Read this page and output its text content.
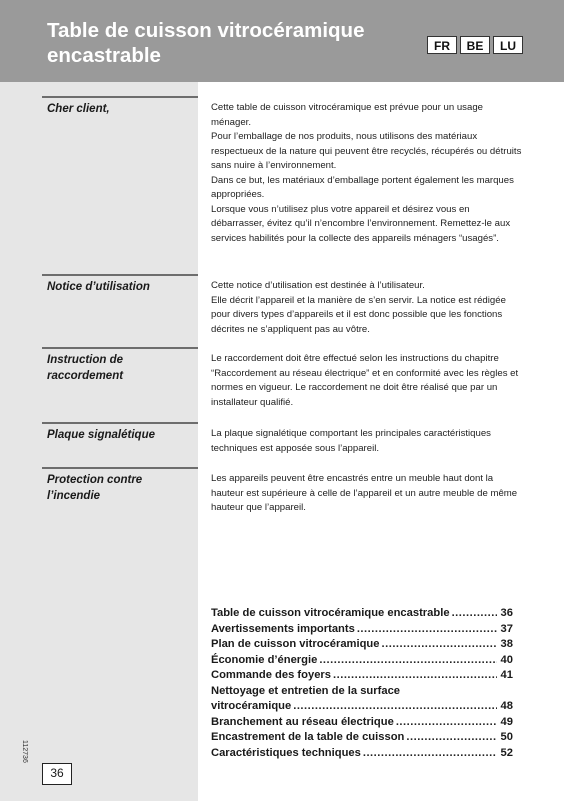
Table de cuisson vitrocéramique encastrable	FR	BE	LU
Cher client,	Cette table de cuisson vitrocéramique est prévue pour un usage ménager.

Pour l’emballage de nos produits, nous utilisons des matériaux respectueux de la nature qui peuvent être recyclés, récupérés ou détruits sans nuire à l’environnement.

Dans ce but, les matériaux d’emballage portent également les marques appropriées.

Lorsque vous n’utilisez plus votre appareil et désirez vous en débarrasser, évitez qu’il n’encombre l’environnement. Remettez-le aux services habilités pour la collecte des appareils ménagers “usagés”.

Notice d’utilisation	Cette notice d’utilisation est destinée à l’utilisateur.

Elle décrit l’appareil et la manière de s’en servir. La notice est rédigée pour divers types d’appareils et il est donc possible que les fonctions décrites ne s’appliquent pas au vôtre.

Instruction de raccordement

Le raccordement doit être effectué selon les instructions du chapitre “Raccordement au réseau électrique” et en conformité avec les règles et normes en vigueur. Le raccordement ne doit être réalisé que par un installateur qualifié.

Plaque signalétique	La plaque signalétique comportant les principales caractéristiques techniques est apposée sous l’appareil.

Protection contre l’incendie

Les appareils peuvent être encastrés entre un meuble haut dont la hauteur est supérieure à celle de l’appareil et un autre meuble de même hauteur que l’appareil.

Table de cuisson vitrocéramique encastrable .....	36
Avertissements importants .....	37
Plan de cuisson vitrocéramique .....	38
Économie d’énergie .....	40
Commande des foyers .....	41
Nettoyage et entretien de la surface
vitrocéramique .....	48
Branchement au réseau électrique .....	49
Encastrement de la table de cuisson .....	50
Caractéristiques techniques .....	52
112736
36
